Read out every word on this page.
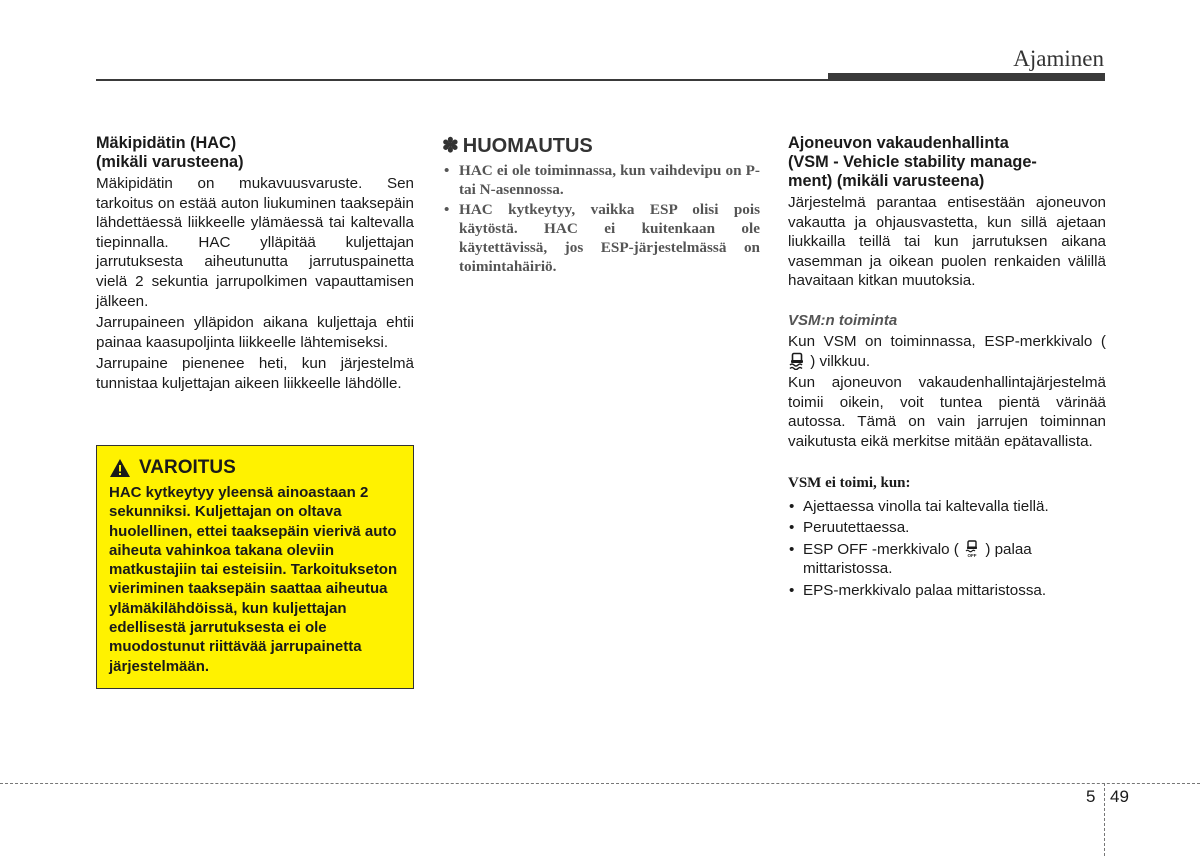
Ajaminen

Mäkipidätin (HAC)
(mikäli varusteena)

Mäkipidätin on mukavuusvaruste. Sen tarkoitus on estää auton liukuminen taaksepäin lähdettäessä liikkeelle ylämäessä tai kaltevalla tiepinnalla. HAC ylläpitää kuljettajan jarrutuksesta aiheutunutta jarrutuspainetta vielä 2 sekuntia jarrupolkimen vapauttamisen jälkeen.

Jarrupaineen ylläpidon aikana kuljettaja ehtii painaa kaasupoljinta liikkeelle lähtemiseksi.

Jarrupaine pienenee heti, kun järjestelmä tunnistaa kuljettajan aikeen liikkeelle lähdölle.

VAROITUS

HAC kytkeytyy yleensä ainoastaan 2 sekunniksi. Kuljettajan on oltava huolellinen, ettei taaksepäin vierivä auto aiheuta vahinkoa takana oleviin matkustajiin tai esteisiin. Tarkoitukseton vieriminen taaksepäin saattaa aiheutua ylämäkilähdöissä, kun kuljettajan edellisestä jarrutuksesta ei ole muodostunut riittävää jarrupainetta järjestelmään.

✽ HUOMAUTUS

• HAC ei ole toiminnassa, kun vaihdevipu on P- tai N-asennossa.
• HAC kytkeytyy, vaikka ESP olisi pois käytöstä. HAC ei kuitenkaan ole käytettävissä, jos ESP-järjestelmässä on toimintahäiriö.

Ajoneuvon vakaudenhallinta
(VSM - Vehicle stability manage-
ment) (mikäli varusteena)

Järjestelmä parantaa entisestään ajoneuvon vakautta ja ohjausvastetta, kun sillä ajetaan liukkailla teillä tai kun jarrutuksen aikana vasemman ja oikean puolen renkaiden välillä havaitaan kitkan muutoksia.

VSM:n toiminta

Kun VSM on toiminnassa, ESP-merkkivalo (  ) vilkkuu.

Kun ajoneuvon vakaudenhallintajärjestelmä toimii oikein, voit tuntea pientä värinää autossa. Tämä on vain jarrujen toiminnan vaikutusta eikä merkitse mitään epätavallista.

VSM ei toimi, kun:

• Ajettaessa vinolla tai kaltevalla tiellä.
• Peruutettaessa.
• ESP OFF -merkkivalo ( OFF ) palaa mittaristossa.
• EPS-merkkivalo palaa mittaristossa.
5 49
